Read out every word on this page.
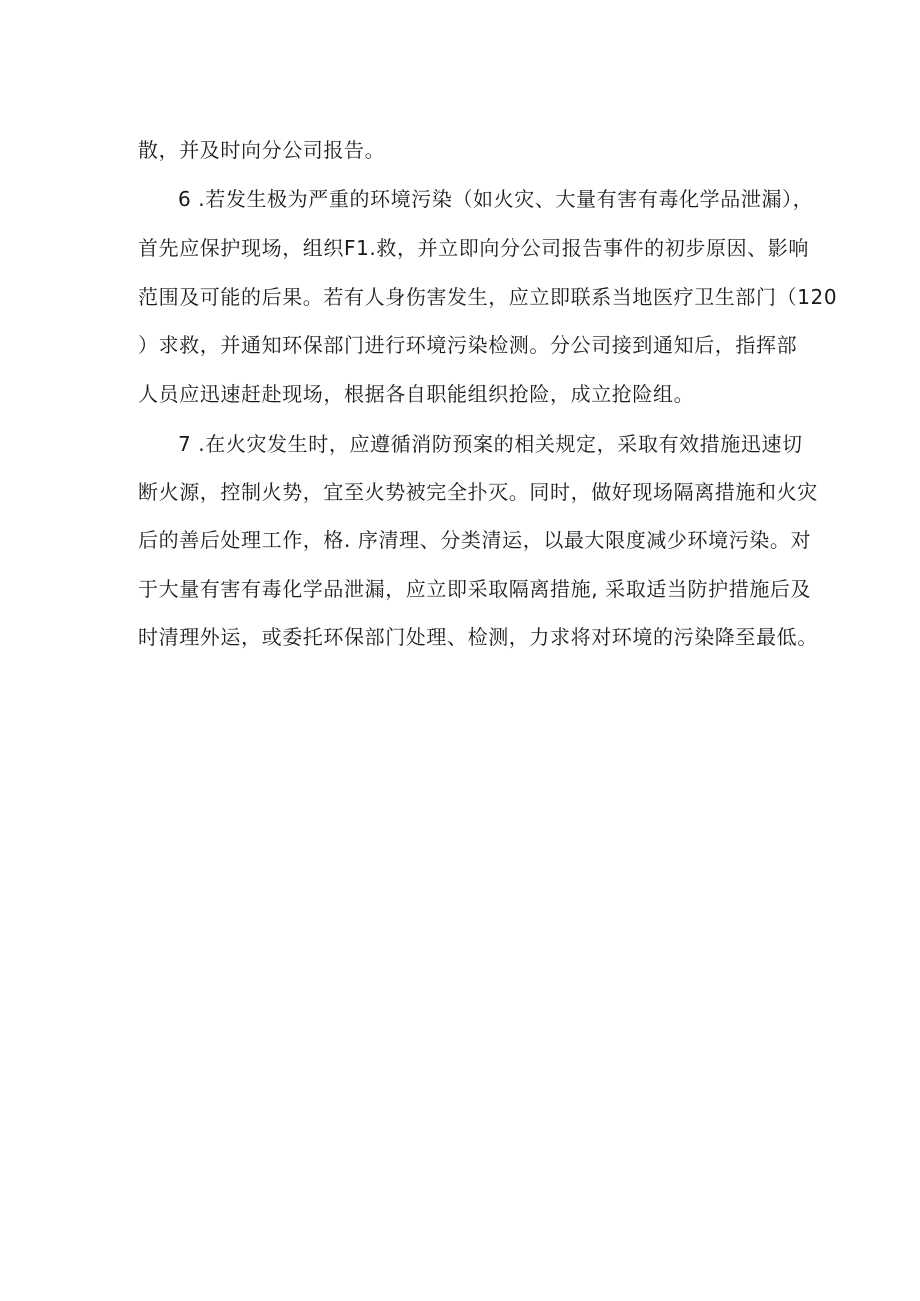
散，并及时向分公司报告。
6 .若发生极为严重的环境污染（如火灾、大量有害有毒化学品泄漏），
首先应保护现场，组织F1.救，并立即向分公司报告事件的初步原因、影响
范围及可能的后果。若有人身伤害发生，应立即联系当地医疗卫生部门（120
）求救，并通知环保部门进行环境污染检测。分公司接到通知后，指挥部
人员应迅速赶赴现场，根据各自职能组织抢险，成立抢险组。
7 .在火灾发生时，应遵循消防预案的相关规定，采取有效措施迅速切
断火源，控制火势，宜至火势被完全扑灭。同时，做好现场隔离措施和火灾
后的善后处理工作，格. 序清理、分类清运，以最大限度减少环境污染。对
于大量有害有毒化学品泄漏，应立即采取隔离措施, 采取适当防护措施后及
时清理外运，或委托环保部门处理、检测，力求将对环境的污染降至最低。
